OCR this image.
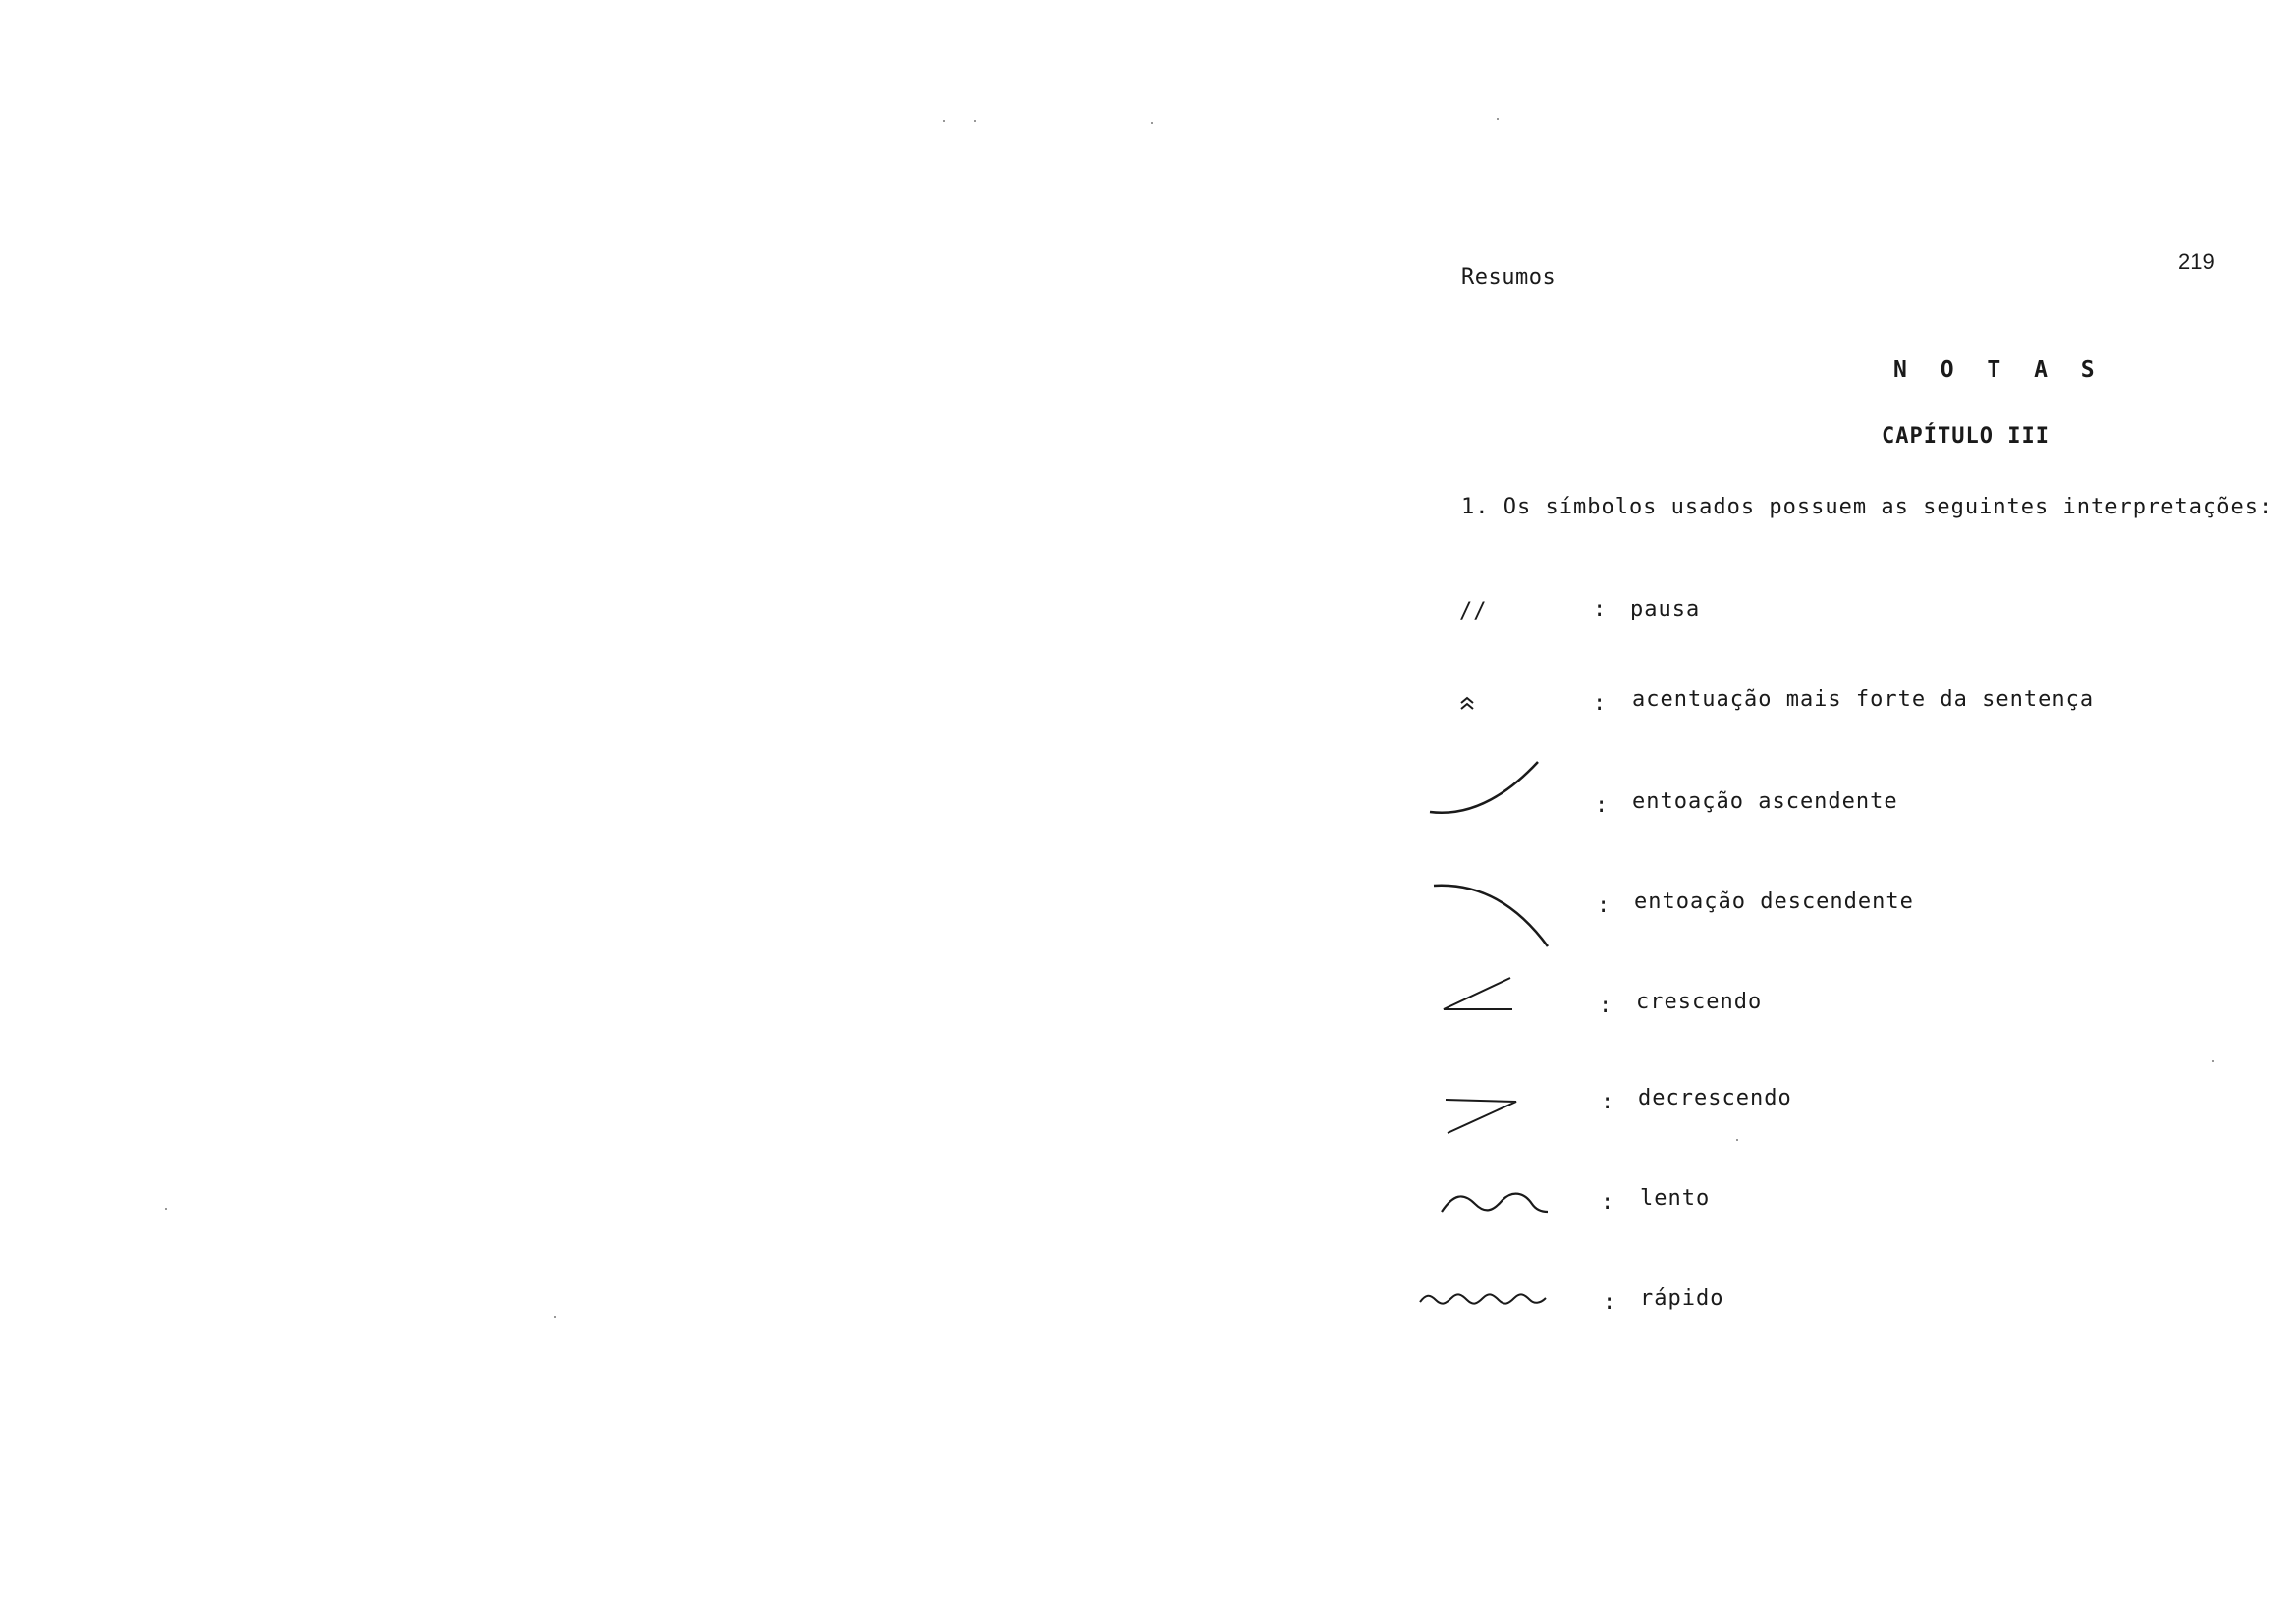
Resumos
219
N O T A S
CAPÍTULO III
1. Os símbolos usados possuem as seguintes interpretações:
//	: pausa
: acentuação mais forte da sentença
: entoação ascendente
: entoação descendente
: crescendo
: decrescendo
: lento
: rápido
